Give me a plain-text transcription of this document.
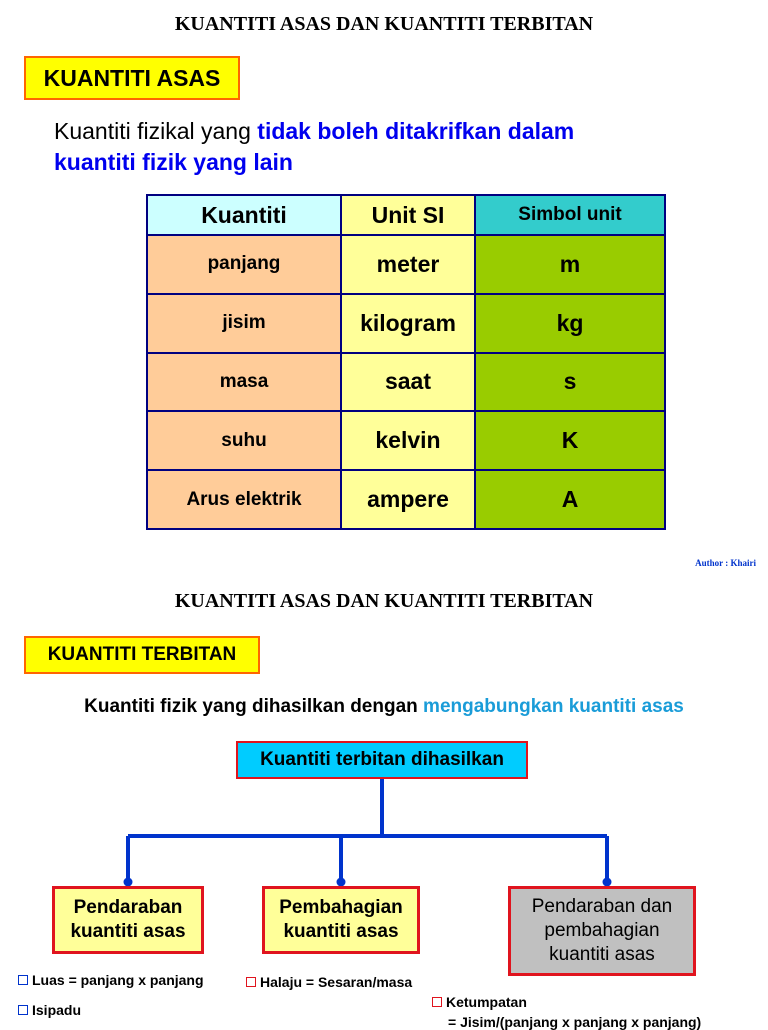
KUANTITI ASAS DAN KUANTITI TERBITAN
KUANTITI ASAS
Kuantiti fizikal yang tidak boleh ditakrifkan dalam
kuantiti fizik yang lain
Kuantiti	Unit SI	Simbol unit
panjang	meter	m
jisim	kilogram	kg
masa	saat	s
suhu	kelvin	K
Arus elektrik	ampere	A
Author : Khairi
KUANTITI ASAS DAN KUANTITI TERBITAN
KUANTITI TERBITAN
Kuantiti fizik yang dihasilkan dengan mengabungkan kuantiti asas
Kuantiti terbitan dihasilkan
Pendaraban
kuantiti asas
Pembahagian
kuantiti asas
Pendaraban dan
pembahagian
kuantiti asas
Luas = panjang x panjang	Halaju = Sesaran/masa
Isipadu	Ketumpatan
= Jisim/(panjang x panjang x panjang)
